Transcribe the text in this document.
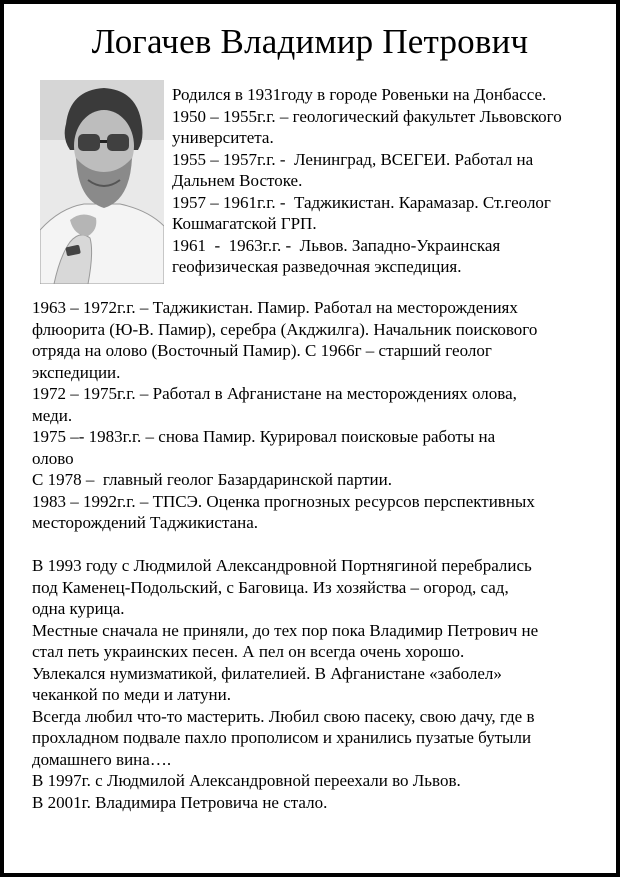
Логачев Владимир Петрович
Родился в 1931году в городе Ровеньки на Донбассе.
1950 – 1955г.г. – геологический факультет Львовского
университета.
1955 – 1957г.г. -  Ленинград, ВСЕГЕИ. Работал на
Дальнем Востоке.
1957 – 1961г.г. -  Таджикистан. Карамазар. Ст.геолог
Кошмагатской ГРП.
1961  -  1963г.г. -  Львов. Западно-Украинская
геофизическая разведочная экспедиция.
1963 – 1972г.г. – Таджикистан. Памир. Работал на месторождениях
флюорита (Ю-В. Памир), серебра (Акджилга). Начальник поискового
отряда на олово (Восточный Памир). С 1966г – старший геолог
экспедиции.
1972 – 1975г.г. – Работал в Афганистане на месторождениях олова,
меди.
1975 –- 1983г.г. – снова Памир. Курировал поисковые работы на
олово
С 1978 –  главный геолог Базардаринской партии.
1983 – 1992г.г. – ТПСЭ. Оценка прогнозных ресурсов перспективных
месторождений Таджикистана.
В 1993 году с Людмилой Александровной Портнягиной перебрались
под Каменец-Подольский, с Баговица. Из хозяйства – огород, сад,
одна курица.
Местные сначала не приняли, до тех пор пока Владимир Петрович не
стал петь украинских песен. А пел он всегда очень хорошо.
Увлекался нумизматикой, филателией. В Афганистане «заболел»
чеканкой по меди и латуни.
Всегда любил что-то мастерить. Любил свою пасеку, свою дачу, где в
прохладном подвале пахло прополисом и хранились пузатые бутыли
домашнего вина….
В 1997г. с Людмилой Александровной переехали во Львов.
В 2001г. Владимира Петровича не стало.
